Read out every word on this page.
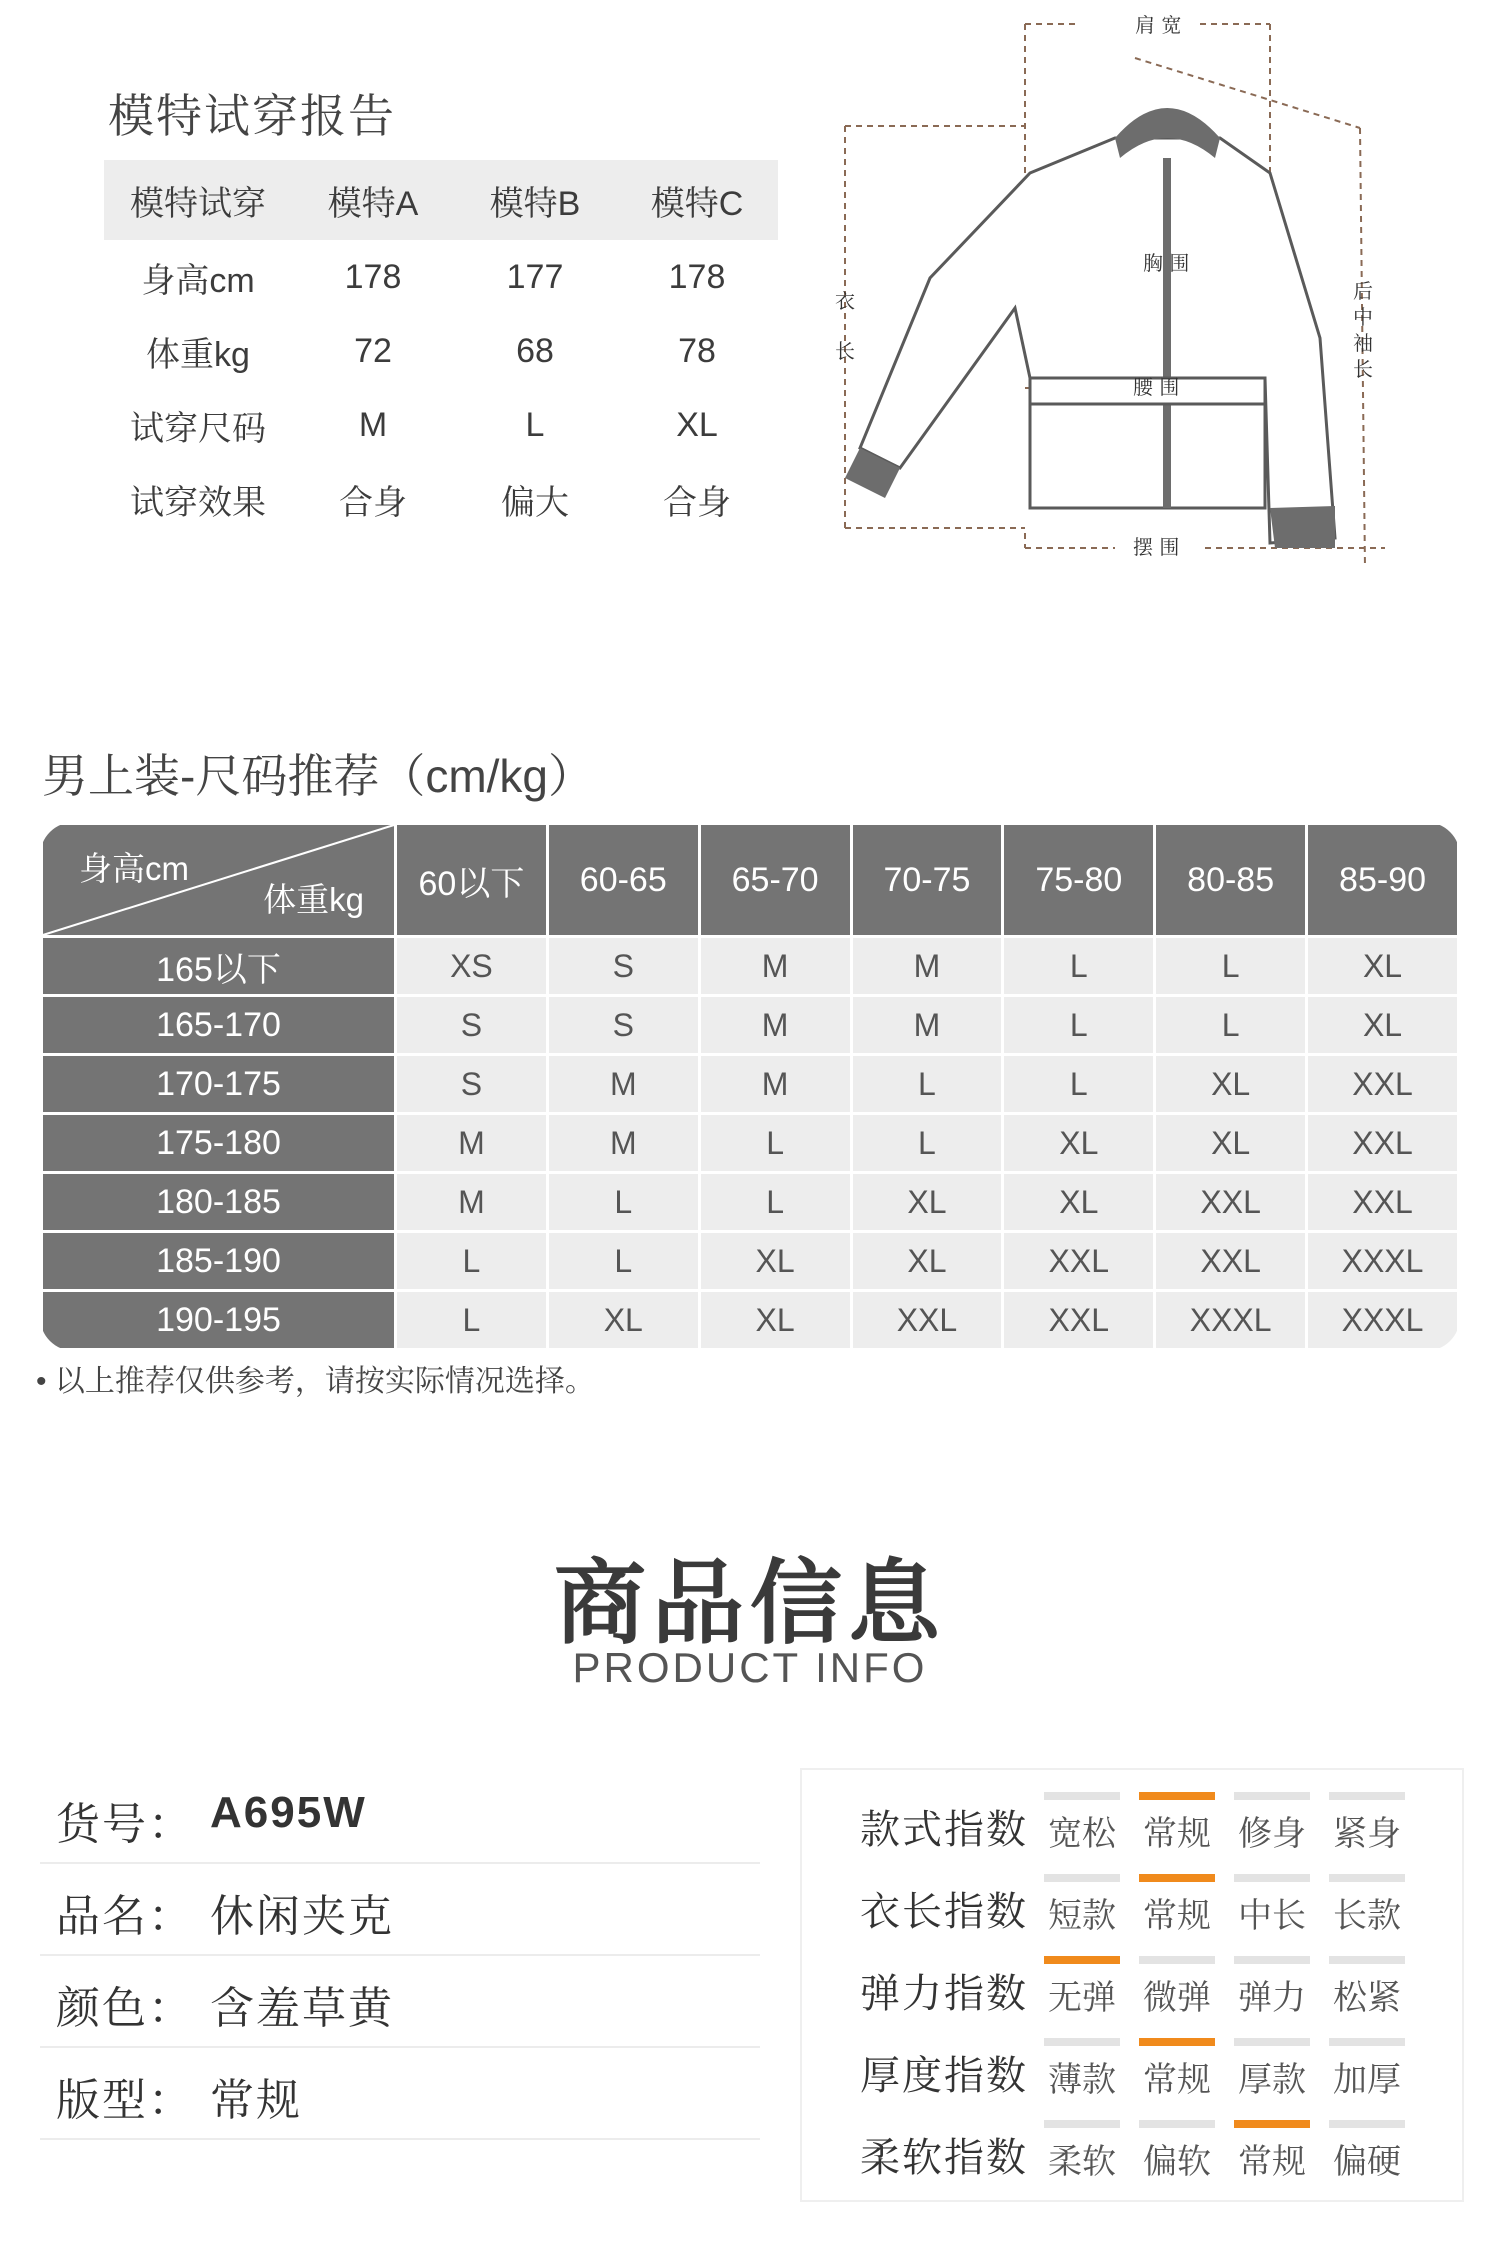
模特试穿报告
模特试穿	模特A	模特B	模特C
身高cm	178	177	178
体重kg	72	68	78
试穿尺码	M	L	XL
试穿效果	合身	偏大	合身
肩 宽
胸 围
腰 围
摆 围
衣
长
后
中
袖
长
男上装-尺码推荐（cm/kg）
身高cm
体重kg	60以下	60-65	65-70	70-75	75-80	80-85	85-90
165以下	XS	S	M	M	L	L	XL
165-170	S	S	M	M	L	L	XL
170-175	S	M	M	L	L	XL	XXL
175-180	M	M	L	L	XL	XL	XXL
180-185	M	L	L	XL	XL	XXL	XXL
185-190	L	L	XL	XL	XXL	XXL	XXXL
190-195	L	XL	XL	XXL	XXL	XXXL	XXXL
• 以上推荐仅供参考，请按实际情况选择。
商品信息
PRODUCT INFO
货号： A695W
品名： 休闲夹克
颜色： 含羞草黄
版型： 常规
款式指数 宽松 常规 修身 紧身
衣长指数 短款 常规 中长 长款
弹力指数 无弹 微弹 弹力 松紧
厚度指数 薄款 常规 厚款 加厚
柔软指数 柔软 偏软 常规 偏硬
